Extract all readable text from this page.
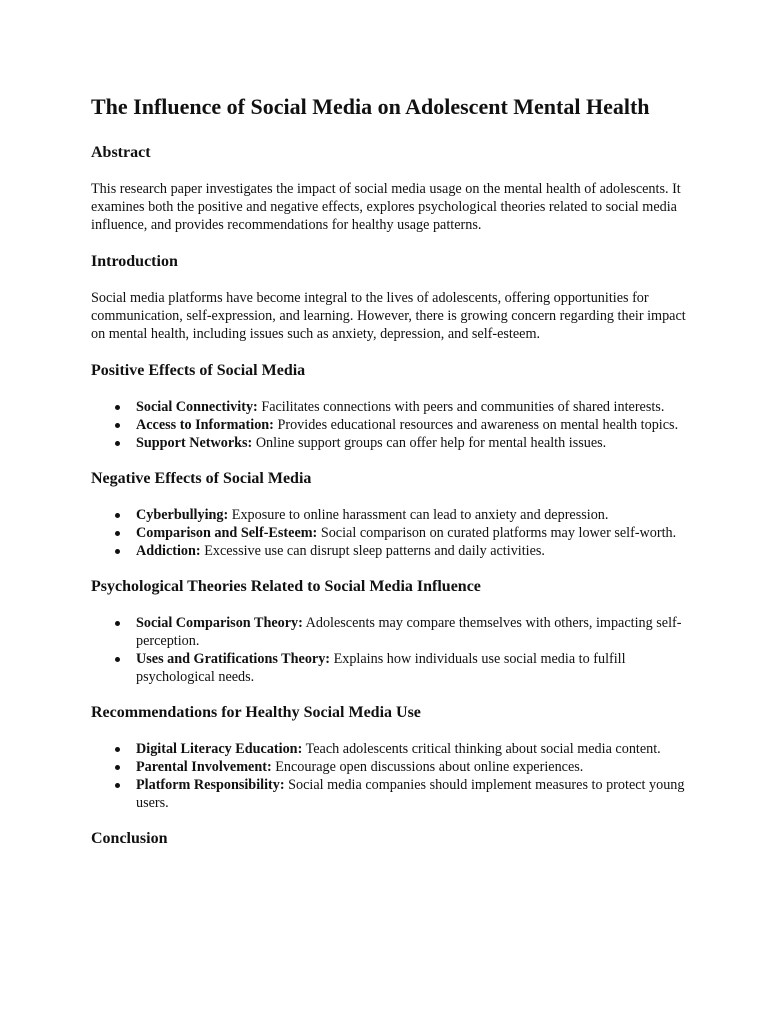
The Influence of Social Media on Adolescent Mental Health
Abstract

This research paper investigates the impact of social media usage on the mental health of adolescents. It examines both the positive and negative effects, explores psychological theories related to social media influence, and provides recommendations for healthy usage patterns.

Introduction

Social media platforms have become integral to the lives of adolescents, offering opportunities for communication, self-expression, and learning. However, there is growing concern regarding their impact on mental health, including issues such as anxiety, depression, and self-esteem.

Positive Effects of Social Media
Social Connectivity: Facilitates connections with peers and communities of shared interests.
Access to Information: Provides educational resources and awareness on mental health topics.
Support Networks: Online support groups can offer help for mental health issues.
Negative Effects of Social Media
Cyberbullying: Exposure to online harassment can lead to anxiety and depression.
Comparison and Self-Esteem: Social comparison on curated platforms may lower self-worth.
Addiction: Excessive use can disrupt sleep patterns and daily activities.
Psychological Theories Related to Social Media Influence
Social Comparison Theory: Adolescents may compare themselves with others, impacting self-perception.
Uses and Gratifications Theory: Explains how individuals use social media to fulfill psychological needs.
Recommendations for Healthy Social Media Use
Digital Literacy Education: Teach adolescents critical thinking about social media content.
Parental Involvement: Encourage open discussions about online experiences.
Platform Responsibility: Social media companies should implement measures to protect young users.
Conclusion
